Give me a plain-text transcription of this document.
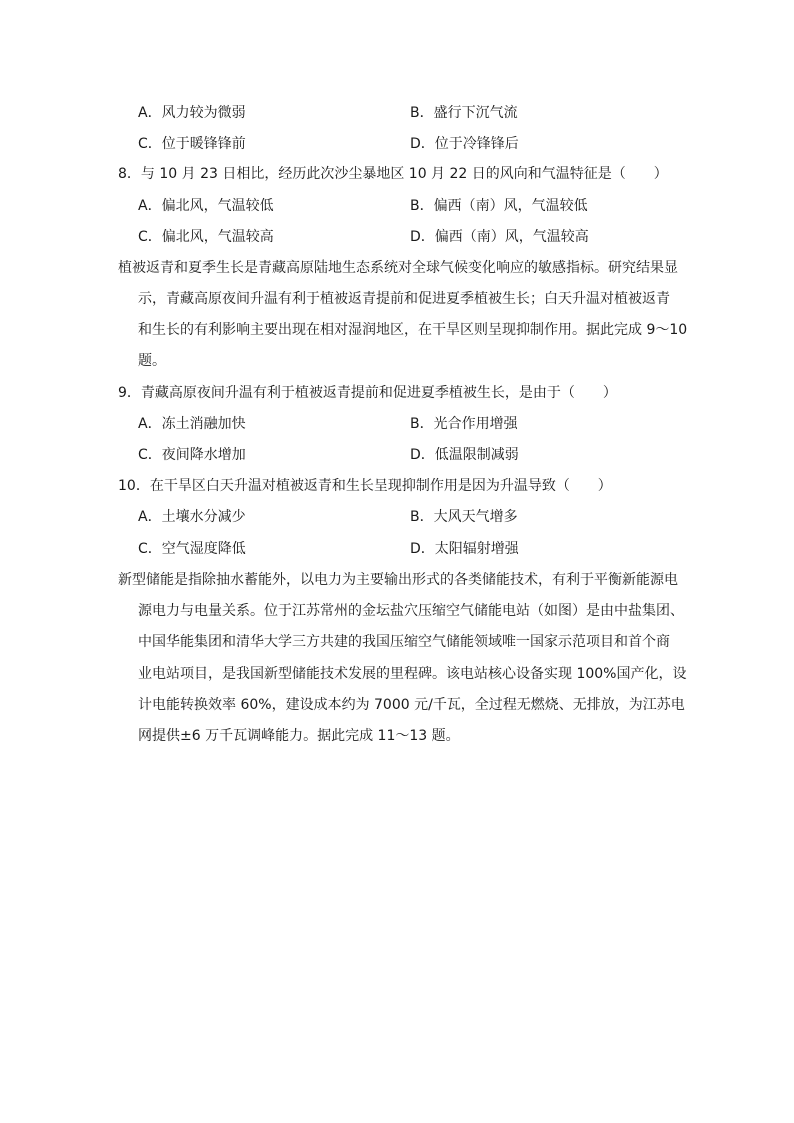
A．风力较为微弱	B．盛行下沉气流
C．位于暖锋锋前	D．位于冷锋锋后
8．与 10 月 23 日相比，经历此次沙尘暴地区 10 月 22 日的风向和气温特征是（　　）
A．偏北风，气温较低	B．偏西（南）风，气温较低
C．偏北风，气温较高	D．偏西（南）风，气温较高
植被返青和夏季生长是青藏高原陆地生态系统对全球气候变化响应的敏感指标。研究结果显
示，青藏高原夜间升温有利于植被返青提前和促进夏季植被生长；白天升温对植被返青
和生长的有利影响主要出现在相对湿润地区，在干旱区则呈现抑制作用。据此完成 9～10
题。
9．青藏高原夜间升温有利于植被返青提前和促进夏季植被生长，是由于（　　）
A．冻土消融加快	B．光合作用增强
C．夜间降水增加	D．低温限制减弱
10．在干旱区白天升温对植被返青和生长呈现抑制作用是因为升温导致（　　）
A．土壤水分减少	B．大风天气增多
C．空气湿度降低	D．太阳辐射增强
新型储能是指除抽水蓄能外，以电力为主要输出形式的各类储能技术，有利于平衡新能源电
源电力与电量关系。位于江苏常州的金坛盐穴压缩空气储能电站（如图）是由中盐集团、
中国华能集团和清华大学三方共建的我国压缩空气储能领域唯一国家示范项目和首个商
业电站项目，是我国新型储能技术发展的里程碑。该电站核心设备实现 100%国产化，设
计电能转换效率 60%，建设成本约为 7000 元/千瓦，全过程无燃烧、无排放，为江苏电
网提供±6 万千瓦调峰能力。据此完成 11～13 题。
